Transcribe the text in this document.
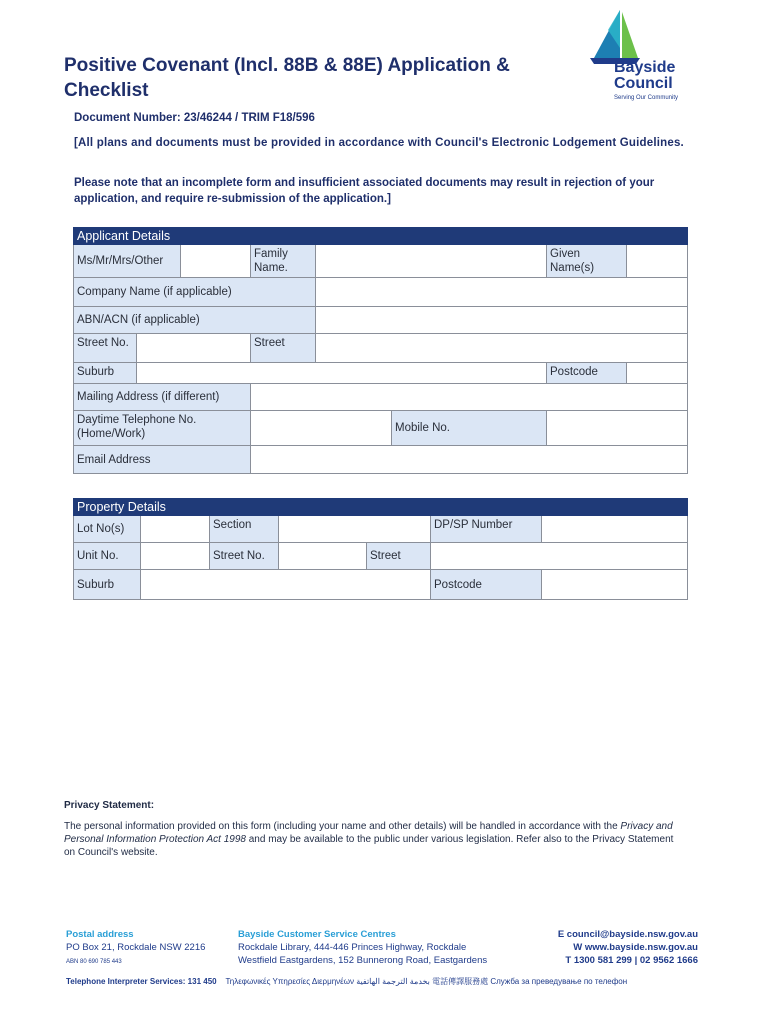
Positive Covenant (Incl. 88B & 88E) Application & Checklist
Bayside
Council
Serving Our Community
Document Number: 23/46244 / TRIM F18/596
[All plans and documents must be provided in accordance with Council's Electronic Lodgement Guidelines.
Please note that an incomplete form and insufficient associated documents may result in rejection of your application, and require re-submission of the application.]
Applicant Details							
Ms/Mr/Mrs/Other			Family Name.			Given Name(s)	
Company Name (if applicable)							
ABN/ACN (if applicable)							
Street No.			Street				
Suburb						Postcode	
Mailing Address (if different)							
Daytime Telephone No. (Home/Work)					Mobile No.		
Email Address							
Property Details						
Lot No(s)		Section			DP/SP Number	
Unit No.		Street No.		Street		
Suburb					Postcode	
Privacy Statement:
The personal information provided on this form (including your name and other details) will be handled in accordance with the Privacy and Personal Information Protection Act 1998 and may be available to the public under various legislation. Refer also to the Privacy Statement on Council's website.
Postal address
PO Box 21, Rockdale NSW 2216
ABN 80 690 785 443
Bayside Customer Service Centres
Rockdale Library, 444-446 Princes Highway, Rockdale
Westfield Eastgardens, 152 Bunnerong Road, Eastgardens
E council@bayside.nsw.gov.au
W www.bayside.nsw.gov.au
T 1300 581 299 | 02 9562 1666
Telephone Interpreter Services: 131 450 Τηλεφωνικές Υπηρεσίες Διερμηνέων بخدمة الترجمة الهاتفية 電話傳譯服務處 Служба за преведување по телефон
